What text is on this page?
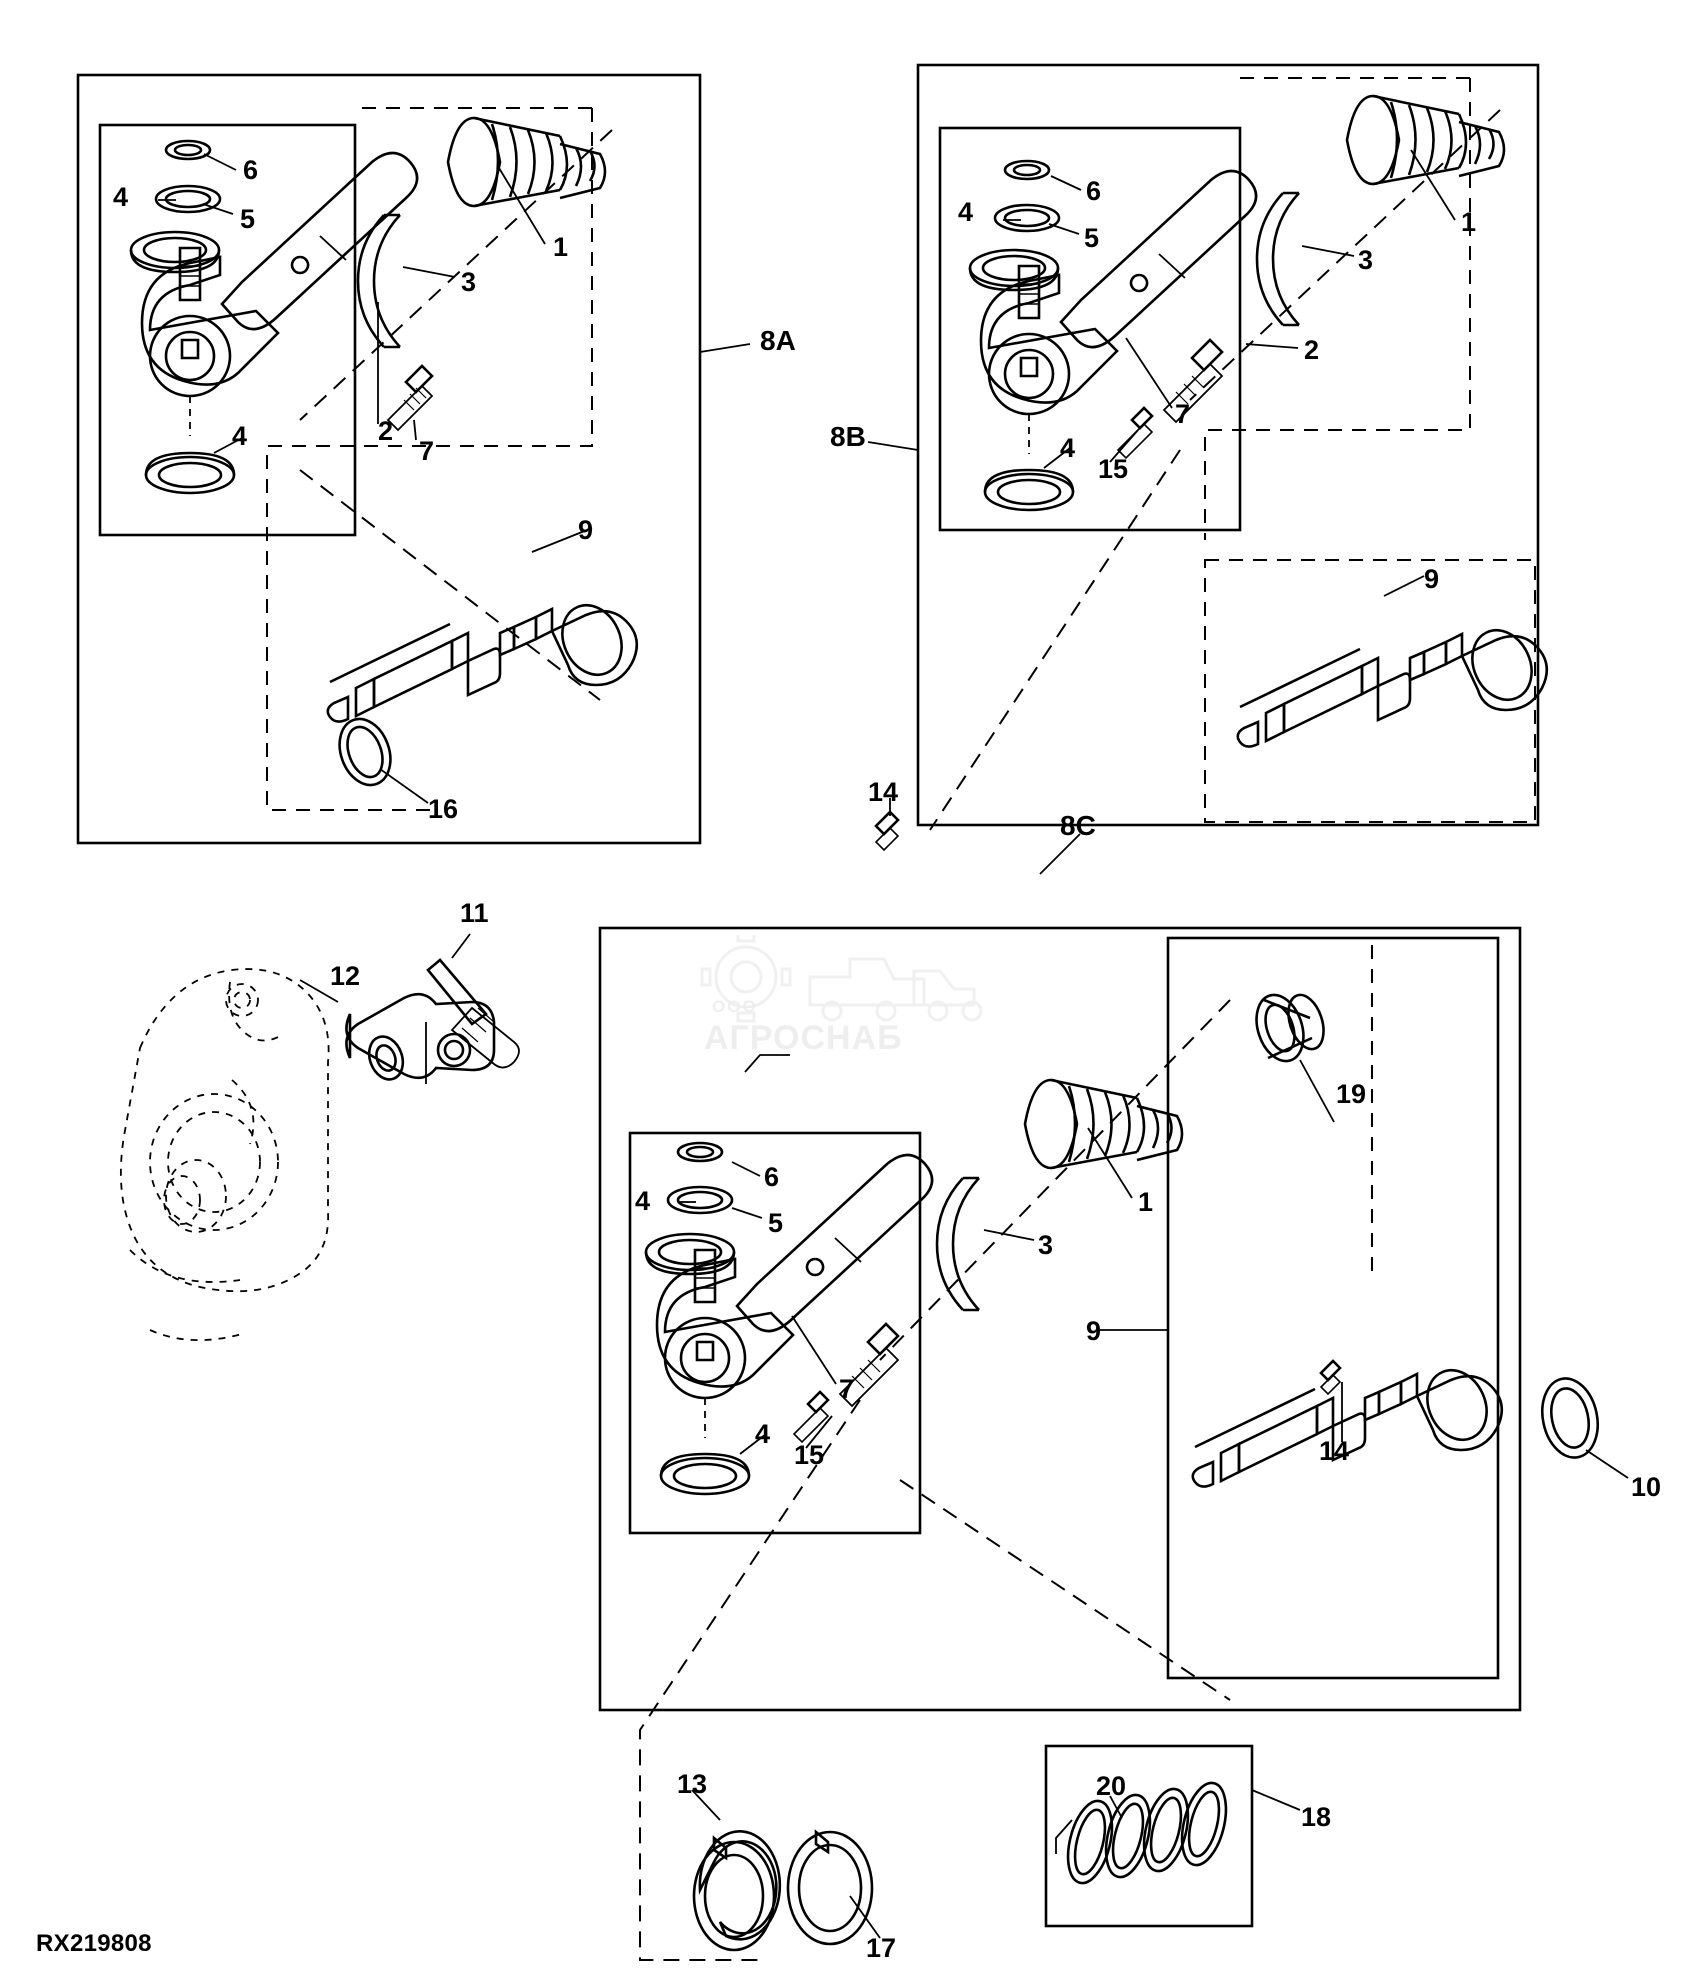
ООО
АГРОСНАБ
8A
8B
8C
6
4
5
1
3
4	2
7
9
16
6
4
5
1
3
2
7
4
15
9
14
11
12
19
6
4
5
1
3
9
7
4
15	14
10
13	20
18
17
RX219808
